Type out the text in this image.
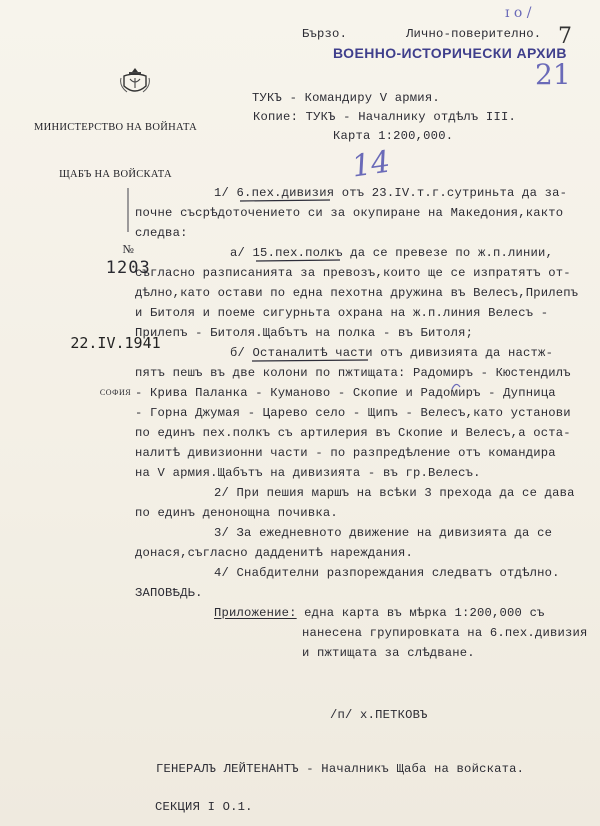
МИНИСТЕРСТВО НА ВОЙНАТА

ЩАБЪ НА ВОЙСКАТА

№
1203

22.IV.1941

СОФИЯ

Бързо.	Лично-поверително. 7
ВОЕННО-ИСТОРИЧЕСКИ АРХИВ
ɪ ᴏ /
21
ТУКЪ - Командиру V армия.
Копие: ТУКЪ - Началнику отдѣлъ III.
Карта 1:200,000.
14
1/ 6.пех.дивизия отъ 23.IV.т.г.сутриньта да за-
почне съсрѣдоточението си за окупиране на Македония,както
следва:
а/ 15.пех.полкъ да се превезе по ж.п.линии,
съгласно разписанията за превозъ,които ще се изпратятъ от-
дѣлно,като остави по една пехотна дружина въ Велесъ,Прилепъ
и Битоля и поеме сигурньта охрана на ж.п.линия Велесъ -
Прилепъ - Битоля.Щабътъ на полка - въ Битоля;
б/ Останалитѣ части отъ дивизията да настж-
пятъ пешъ въ две колони по пжтищата: Радомиръ - Кюстендилъ
- Крива Паланка - Куманово - Скопие и Радомиръ - Дупница
- Горна Джумая - Царево село - Щипъ - Велесъ,като установи
по единъ пех.полкъ съ артилерия въ Скопие и Велесъ,а оста-
налитѣ дивизионни части - по разпредѣление отъ командира
на V армия.Щабътъ на дивизията - въ гр.Велесъ.
2/ При пешия маршъ на всѣки 3 прехода да се дава
по единъ денонощна почивка.
3/ За ежедневното движение на дивизията да се
донася,съгласно дадденитѣ нареждания.
4/ Снабдителни разпореждания следватъ отдѣлно.
ЗАПОВѢДЬ.
Приложение: една карта въ мѣрка 1:200,000 съ
нанесена групировката на 6.пех.дивизия
и пжтищата за слѣдване.
/п/ х.ПЕТКОВЪ
ГЕНЕРАЛЪ ЛЕЙТЕНАНТЪ - Началникъ Щаба на войската.
СЕКЦИЯ I О.1.
